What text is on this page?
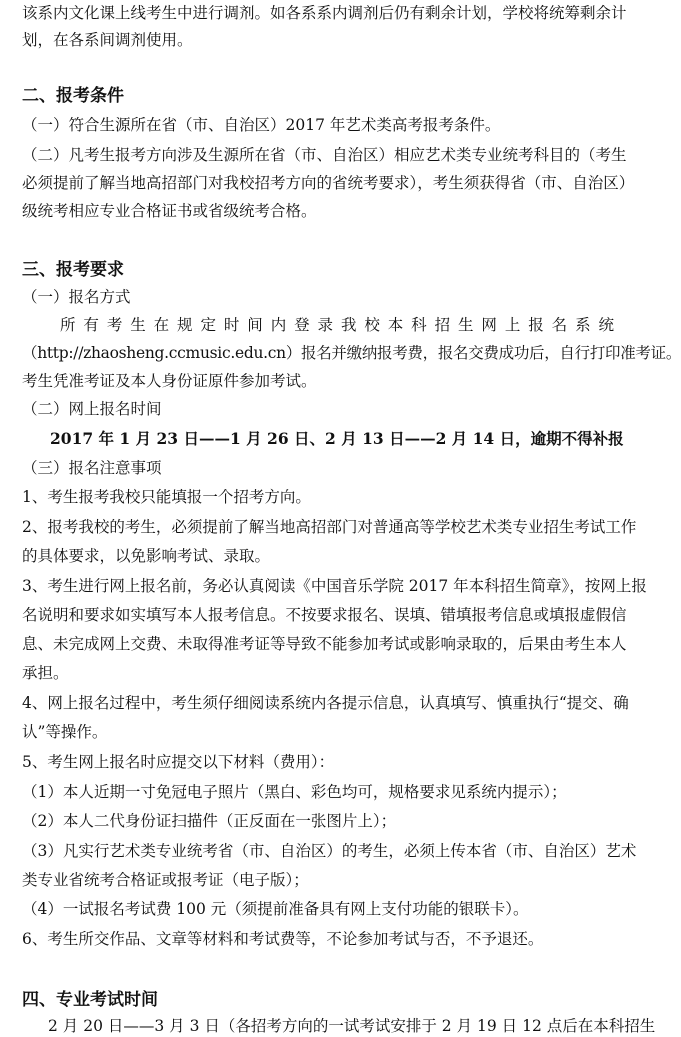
该系内文化课上线考生中进行调剂。如各系系内调剂后仍有剩余计划，学校将统筹剩余计
划，在各系间调剂使用。
二、报考条件
（一）符合生源所在省（市、自治区）2017 年艺术类高考报考条件。
（二）凡考生报考方向涉及生源所在省（市、自治区）相应艺术类专业统考科目的（考生
必须提前了解当地高招部门对我校招考方向的省统考要求），考生须获得省（市、自治区）
级统考相应专业合格证书或省级统考合格。
三、报考要求
（一）报名方式
所有考生在规定时间内登录我校本科招生网上报名系统
（http://zhaosheng.ccmusic.edu.cn）报名并缴纳报考费，报名交费成功后，自行打印准考证。
考生凭准考证及本人身份证原件参加考试。
（二）网上报名时间
2017 年 1 月 23 日——1 月 26 日、2 月 13 日——2 月 14 日，逾期不得补报
（三）报名注意事项
1、考生报考我校只能填报一个招考方向。
2、报考我校的考生，必须提前了解当地高招部门对普通高等学校艺术类专业招生考试工作
的具体要求，以免影响考试、录取。
3、考生进行网上报名前，务必认真阅读《中国音乐学院 2017 年本科招生简章》，按网上报
名说明和要求如实填写本人报考信息。不按要求报名、误填、错填报考信息或填报虚假信
息、未完成网上交费、未取得准考证等导致不能参加考试或影响录取的，后果由考生本人
承担。
4、网上报名过程中，考生须仔细阅读系统内各提示信息，认真填写、慎重执行“提交、确
认”等操作。
5、考生网上报名时应提交以下材料（费用）：
（1）本人近期一寸免冠电子照片（黑白、彩色均可，规格要求见系统内提示）；
（2）本人二代身份证扫描件（正反面在一张图片上）；
（3）凡实行艺术类专业统考省（市、自治区）的考生，必须上传本省（市、自治区）艺术
类专业省统考合格证或报考证（电子版）；
（4）一试报名考试费 100 元（须提前准备具有网上支付功能的银联卡）。
6、考生所交作品、文章等材料和考试费等，不论参加考试与否，不予退还。
四、专业考试时间
2 月 20 日——3 月 3 日（各招考方向的一试考试安排于 2 月 19 日 12 点后在本科招生
